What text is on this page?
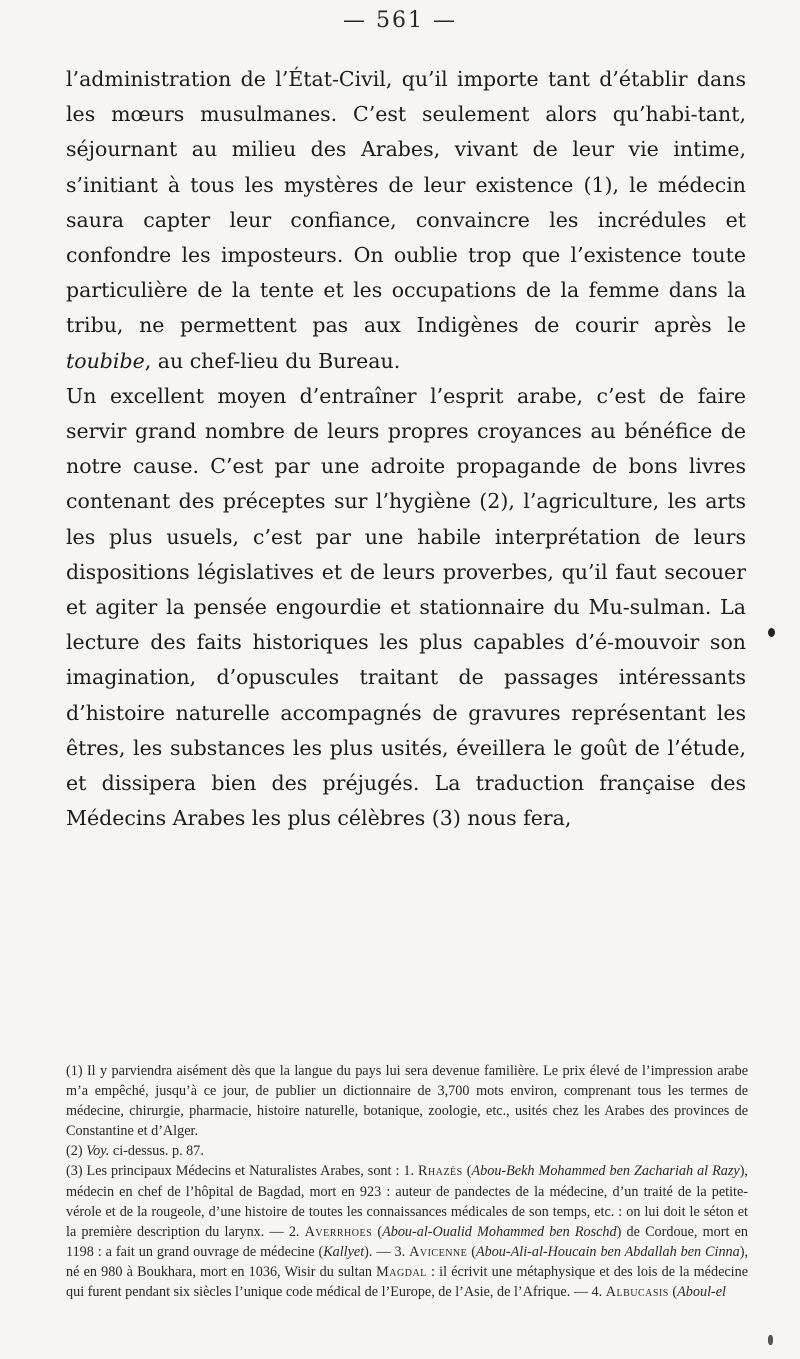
— 561 —

l’administration de l’État-Civil, qu’il importe tant d’établir dans les mœurs musulmanes. C’est seulement alors qu’habi-tant, séjournant au milieu des Arabes, vivant de leur vie intime, s’initiant à tous les mystères de leur existence (1), le médecin saura capter leur confiance, convaincre les incrédules et confondre les imposteurs. On oublie trop que l’existence toute particulière de la tente et les occupations de la femme dans la tribu, ne permettent pas aux Indigènes de courir après le toubibe, au chef-lieu du Bureau.

Un excellent moyen d’entraîner l’esprit arabe, c’est de faire servir grand nombre de leurs propres croyances au bénéfice de notre cause. C’est par une adroite propagande de bons livres contenant des préceptes sur l’hygiène (2), l’agriculture, les arts les plus usuels, c’est par une habile interprétation de leurs dispositions législatives et de leurs proverbes, qu’il faut secouer et agiter la pensée engourdie et stationnaire du Mu-sulman. La lecture des faits historiques les plus capables d’é-mouvoir son imagination, d’opuscules traitant de passages intéressants d’histoire naturelle accompagnés de gravures représentant les êtres, les substances les plus usités, éveillera le goût de l’étude, et dissipera bien des préjugés. La traduction française des Médecins Arabes les plus célèbres (3) nous fera,

(1) Il y parviendra aisément dès que la langue du pays lui sera devenue familière. Le prix élevé de l’impression arabe m’a empêché, jusqu’à ce jour, de publier un dictionnaire de 3,700 mots environ, comprenant tous les termes de médecine, chirurgie, pharmacie, histoire naturelle, botanique, zoologie, etc., usités chez les Arabes des provinces de Constantine et d’Alger.

(2) Voy. ci-dessus. p. 87.

(3) Les principaux Médecins et Naturalistes Arabes, sont : 1. Rhazès (Abou-Bekh Mohammed ben Zachariah al Razy), médecin en chef de l’hôpital de Bagdad, mort en 923 : auteur de pandectes de la médecine, d’un traité de la petite-vérole et de la rougeole, d’une histoire de toutes les connaissances médicales de son temps, etc. : on lui doit le séton et la première description du larynx. — 2. Averrhoes (Abou-al-Oualid Mohammed ben Roschd) de Cordoue, mort en 1198 : a fait un grand ouvrage de médecine (Kallyet). — 3. Avicenne (Abou-Ali-al-Houcain ben Abdallah ben Cinna), né en 980 à Boukhara, mort en 1036, Wisir du sultan Magdal : il écrivit une métaphysique et des lois de la médecine qui furent pendant six siècles l’unique code médical de l’Europe, de l’Asie, de l’Afrique. — 4. Albucasis (Aboul-el
